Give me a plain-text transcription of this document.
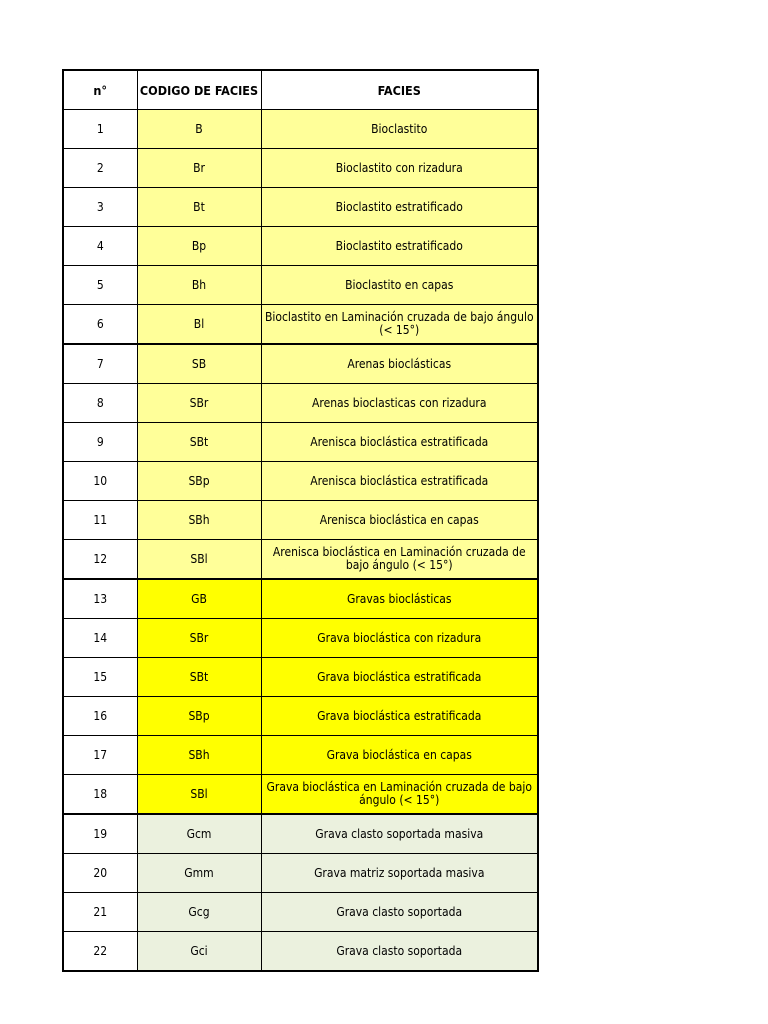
n°	CODIGO DE FACIES	FACIES
1	B	Bioclastito
2	Br	Bioclastito con rizadura
3	Bt	Bioclastito estratificado
4	Bp	Bioclastito estratificado
5	Bh	Bioclastito en capas
6	Bl	Bioclastito en Laminación cruzada de bajo ángulo (< 15°)
7	SB	Arenas bioclásticas
8	SBr	Arenas bioclasticas con rizadura
9	SBt	Arenisca bioclástica estratificada
10	SBp	Arenisca bioclástica estratificada
11	SBh	Arenisca bioclástica en capas
12	SBl	Arenisca bioclástica en Laminación cruzada de bajo ángulo (< 15°)
13	GB	Gravas bioclásticas
14	SBr	Grava bioclástica con rizadura
15	SBt	Grava bioclástica estratificada
16	SBp	Grava bioclástica estratificada
17	SBh	Grava bioclástica en capas
18	SBl	Grava bioclástica en Laminación cruzada de bajo ángulo (< 15°)
19	Gcm	Grava clasto soportada masiva
20	Gmm	Grava matriz soportada masiva
21	Gcg	Grava clasto soportada
22	Gci	Grava clasto soportada
